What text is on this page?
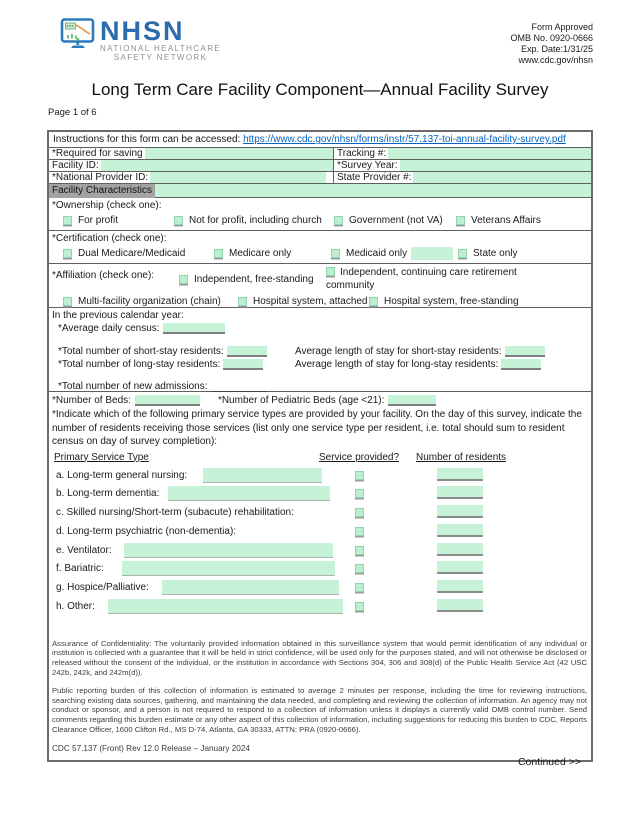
NHSN
NATIONAL HEALTHCARE
SAFETY NETWORK
Form Approved
OMB No. 0920-0666
Exp. Date:1/31/25
www.cdc.gov/nhsn
Long Term Care Facility Component—Annual Facility Survey
Page 1 of 6
Instructions for this form can be accessed: https://www.cdc.gov/nhsn/forms/instr/57.137-toi-annual-facility-survey.pdf
*Required for saving	Tracking #:
Facility ID:	*Survey Year:
*National Provider ID:	State Provider #:
Facility Characteristics
*Ownership (check one):
For profit	Not for profit, including church	Government (not VA)	Veterans Affairs
*Certification (check one):
Dual Medicare/Medicaid	Medicare only	Medicaid only	State only
*Affiliation (check one):	Independent, free-standing
Independent, continuing care retirement community
Multi-facility organization (chain)	Hospital system, attached Hospital system, free-standing
In the previous calendar year:
*Average daily census:
*Total number of short-stay residents:	Average length of stay for short-stay residents:
*Total number of long-stay residents:	Average length of stay for long-stay residents:
*Total number of new admissions:
*Number of Beds:	*Number of Pediatric Beds (age <21):
*Indicate which of the following primary service types are provided by your facility. On the day of this survey, indicate the number of residents receiving those services (list only one service type per resident, i.e. total should sum to resident census on day of survey completion):
Primary Service Type	Service provided? Number of residents
a. Long-term general nursing:
b. Long-term dementia:
c. Skilled nursing/Short-term (subacute) rehabilitation:
d. Long-term psychiatric (non-dementia):
e. Ventilator:
f. Bariatric:
g. Hospice/Palliative:
h. Other:
Assurance of Confidentiality: The voluntarily provided information obtained in this surveillance system that would permit identification of any individual or institution is collected with a guarantee that it will be held in strict confidence, will be used only for the purposes stated, and will not otherwise be disclosed or released without the consent of the individual, or the institution in accordance with Sections 304, 306 and 308(d) of the Public Health Service Act (42 USC 242b, 242k, and 242m(d)).
Public reporting burden of this collection of information is estimated to average 2 minutes per response, including the time for reviewing instructions, searching existing data sources, gathering, and maintaining the data needed, and completing and reviewing the collection of information. An agency may not conduct or sponsor, and a person is not required to respond to a collection of information unless it displays a currently valid OMB control number. Send comments regarding this burden estimate or any other aspect of this collection of information, including suggestions for reducing this burden to CDC, Reports Clearance Officer, 1600 Clifton Rd., MS D-74, Atlanta, GA 30333, ATTN: PRA (0920-0666).
CDC 57.137 (Front) Rev 12.0 Release – January 2024
Continued >>
